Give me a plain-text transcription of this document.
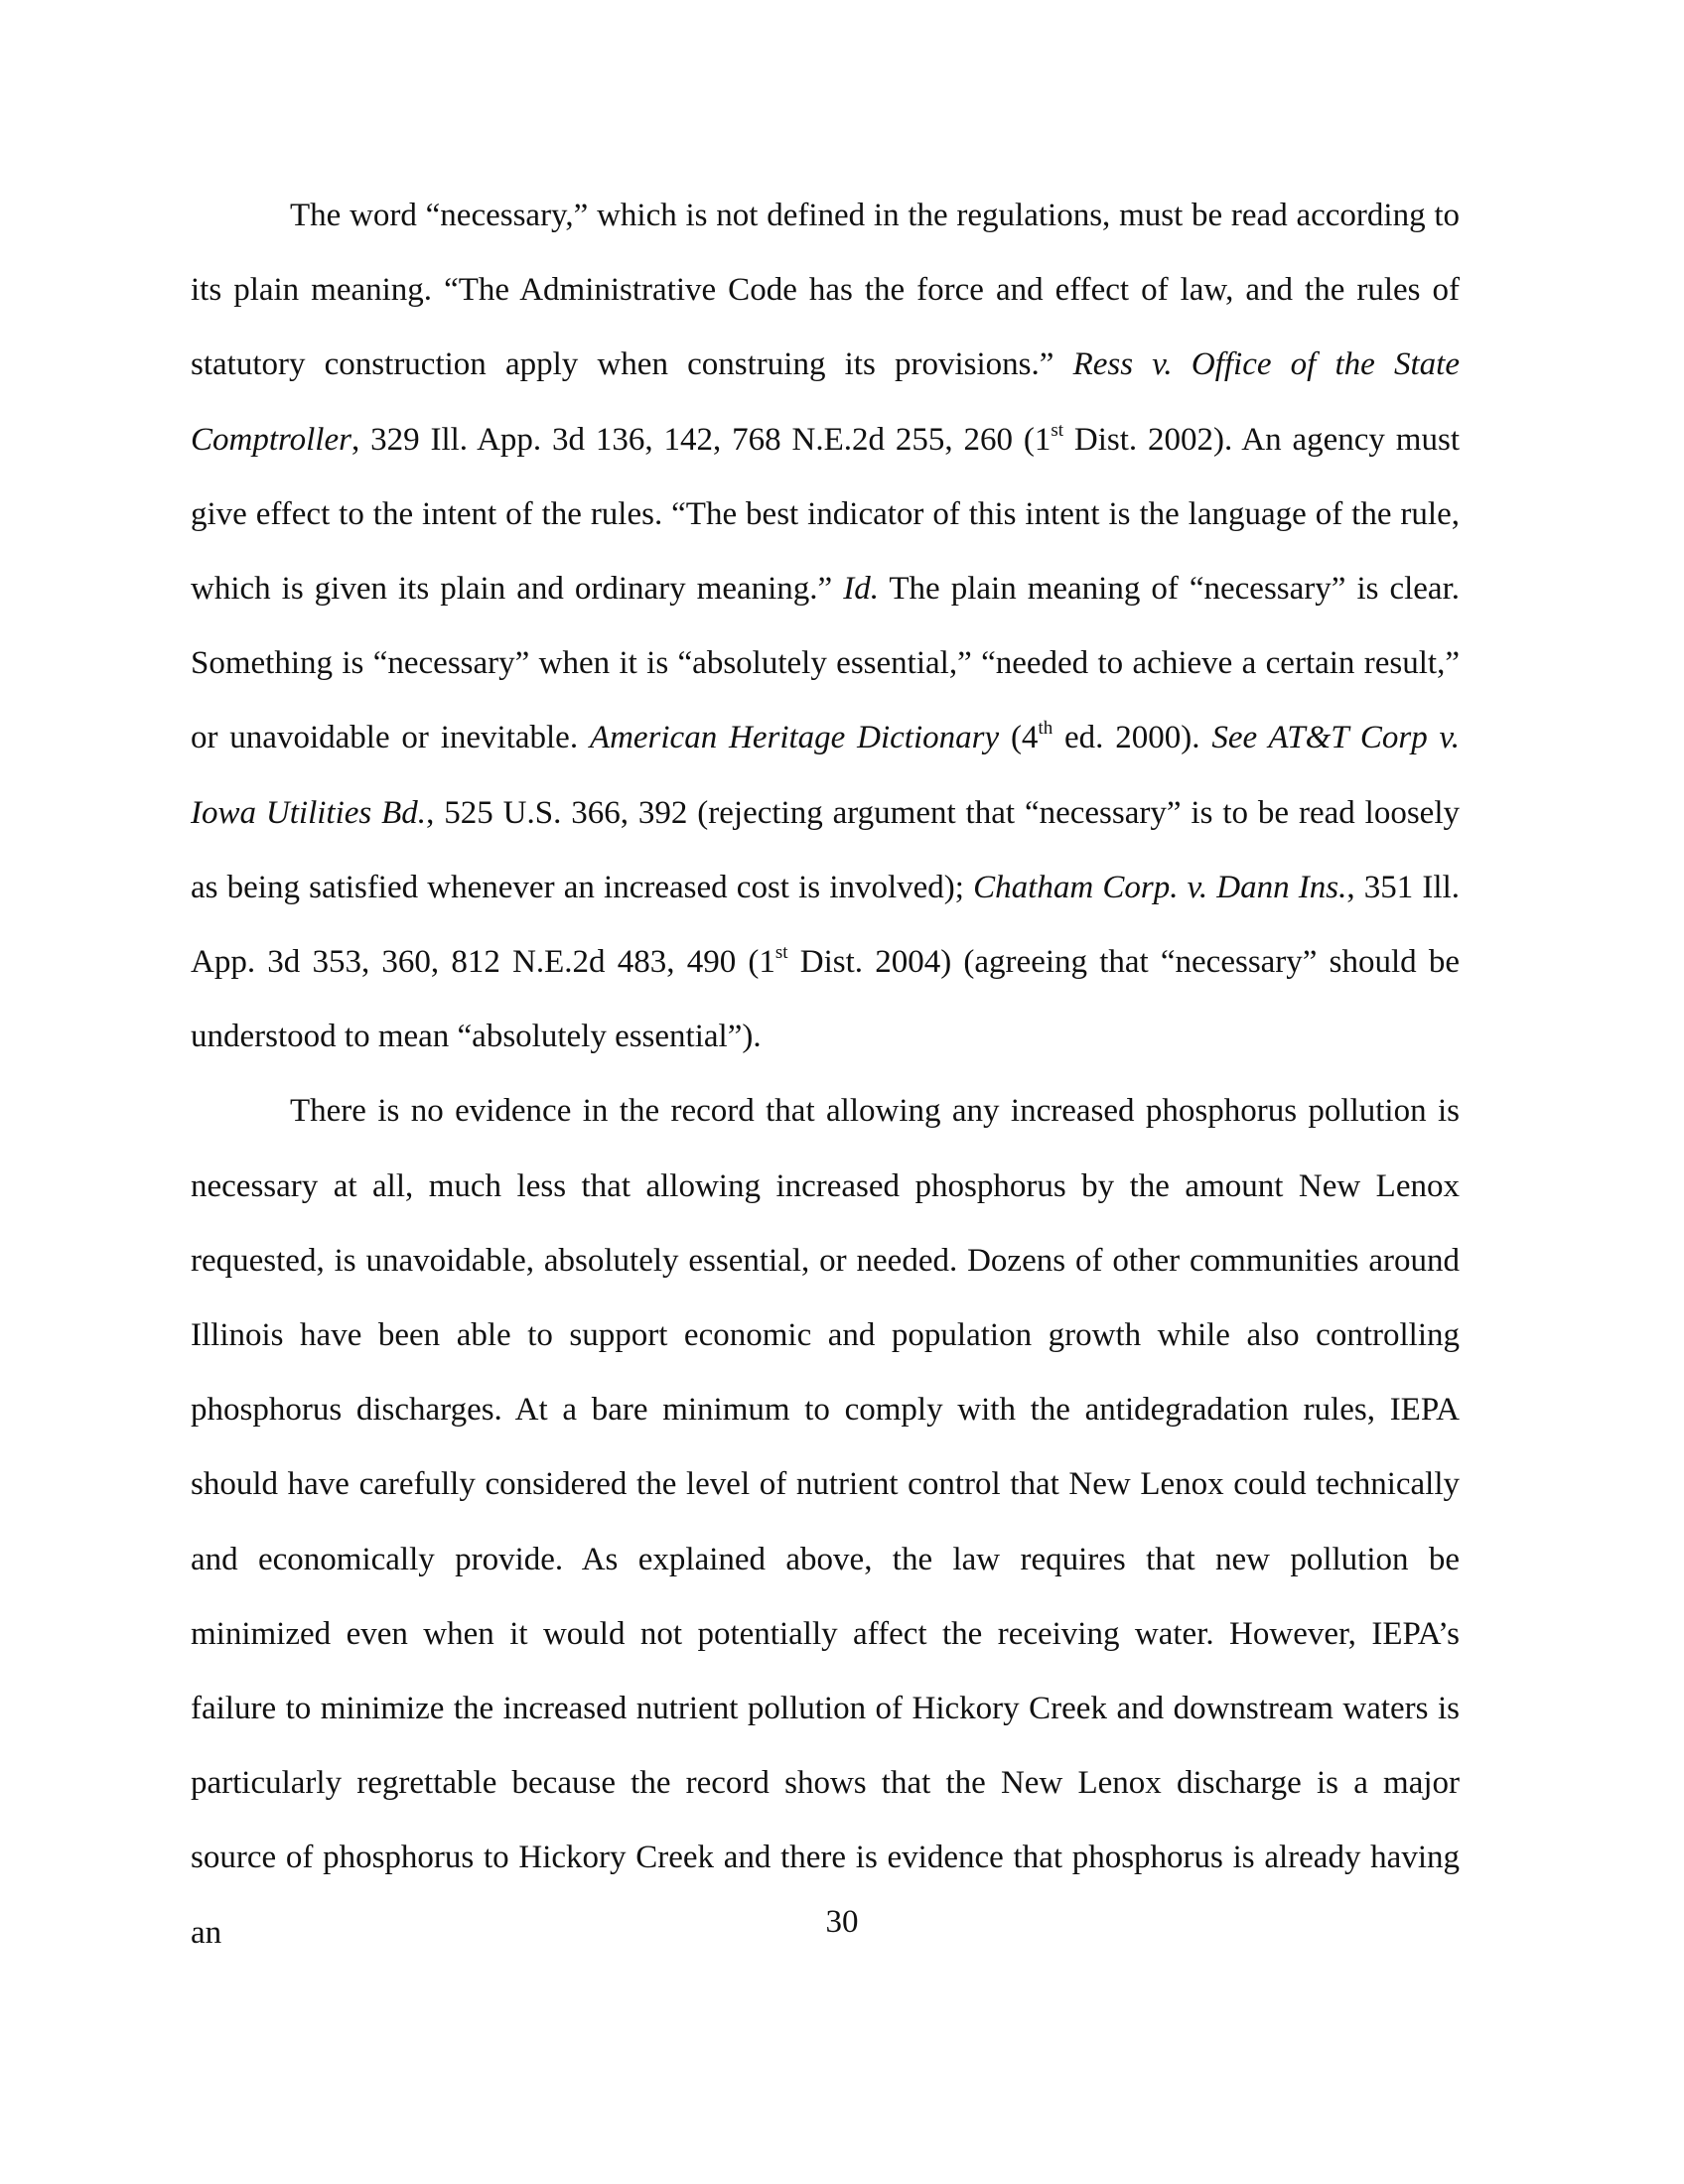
The word “necessary,” which is not defined in the regulations, must be read according to its plain meaning. “The Administrative Code has the force and effect of law, and the rules of statutory construction apply when construing its provisions.” Ress v. Office of the State Comptroller, 329 Ill. App. 3d 136, 142, 768 N.E.2d 255, 260 (1st Dist. 2002). An agency must give effect to the intent of the rules. “The best indicator of this intent is the language of the rule, which is given its plain and ordinary meaning.” Id. The plain meaning of “necessary” is clear. Something is “necessary” when it is “absolutely essential,” “needed to achieve a certain result,” or unavoidable or inevitable. American Heritage Dictionary (4th ed. 2000). See AT&T Corp v. Iowa Utilities Bd., 525 U.S. 366, 392 (rejecting argument that “necessary” is to be read loosely as being satisfied whenever an increased cost is involved); Chatham Corp. v. Dann Ins., 351 Ill. App. 3d 353, 360, 812 N.E.2d 483, 490 (1st Dist. 2004) (agreeing that “necessary” should be understood to mean “absolutely essential”).

There is no evidence in the record that allowing any increased phosphorus pollution is necessary at all, much less that allowing increased phosphorus by the amount New Lenox requested, is unavoidable, absolutely essential, or needed. Dozens of other communities around Illinois have been able to support economic and population growth while also controlling phosphorus discharges. At a bare minimum to comply with the antidegradation rules, IEPA should have carefully considered the level of nutrient control that New Lenox could technically and economically provide. As explained above, the law requires that new pollution be minimized even when it would not potentially affect the receiving water. However, IEPA’s failure to minimize the increased nutrient pollution of Hickory Creek and downstream waters is particularly regrettable because the record shows that the New Lenox discharge is a major source of phosphorus to Hickory Creek and there is evidence that phosphorus is already having an	30
